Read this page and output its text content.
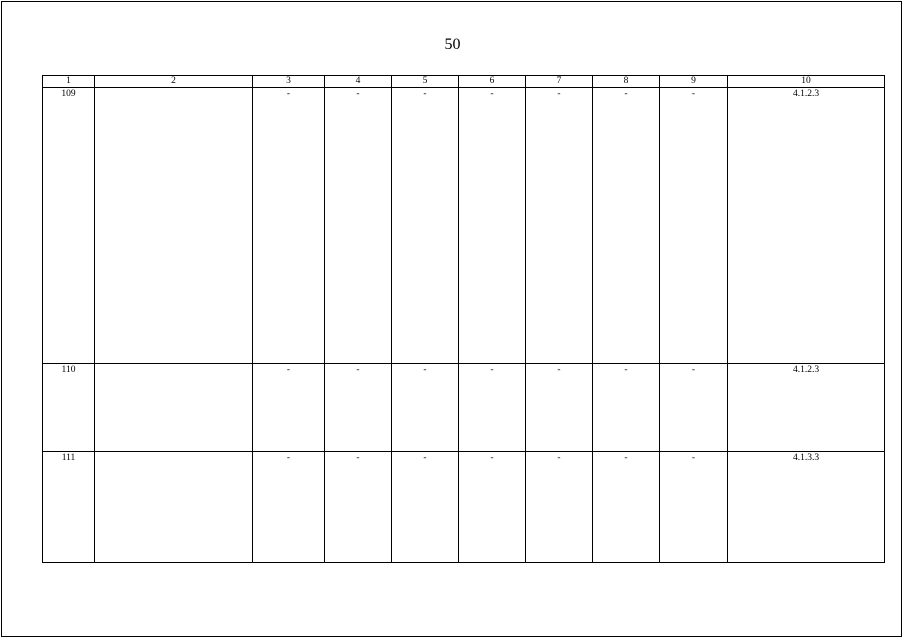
50
1	2	3	4	5	6	7	8	9	10
109		-	-	-	-	-	-	-	4.1.2.3
110		-	-	-	-	-	-	-	4.1.2.3
111		-	-	-	-	-	-	-	4.1.3.3
